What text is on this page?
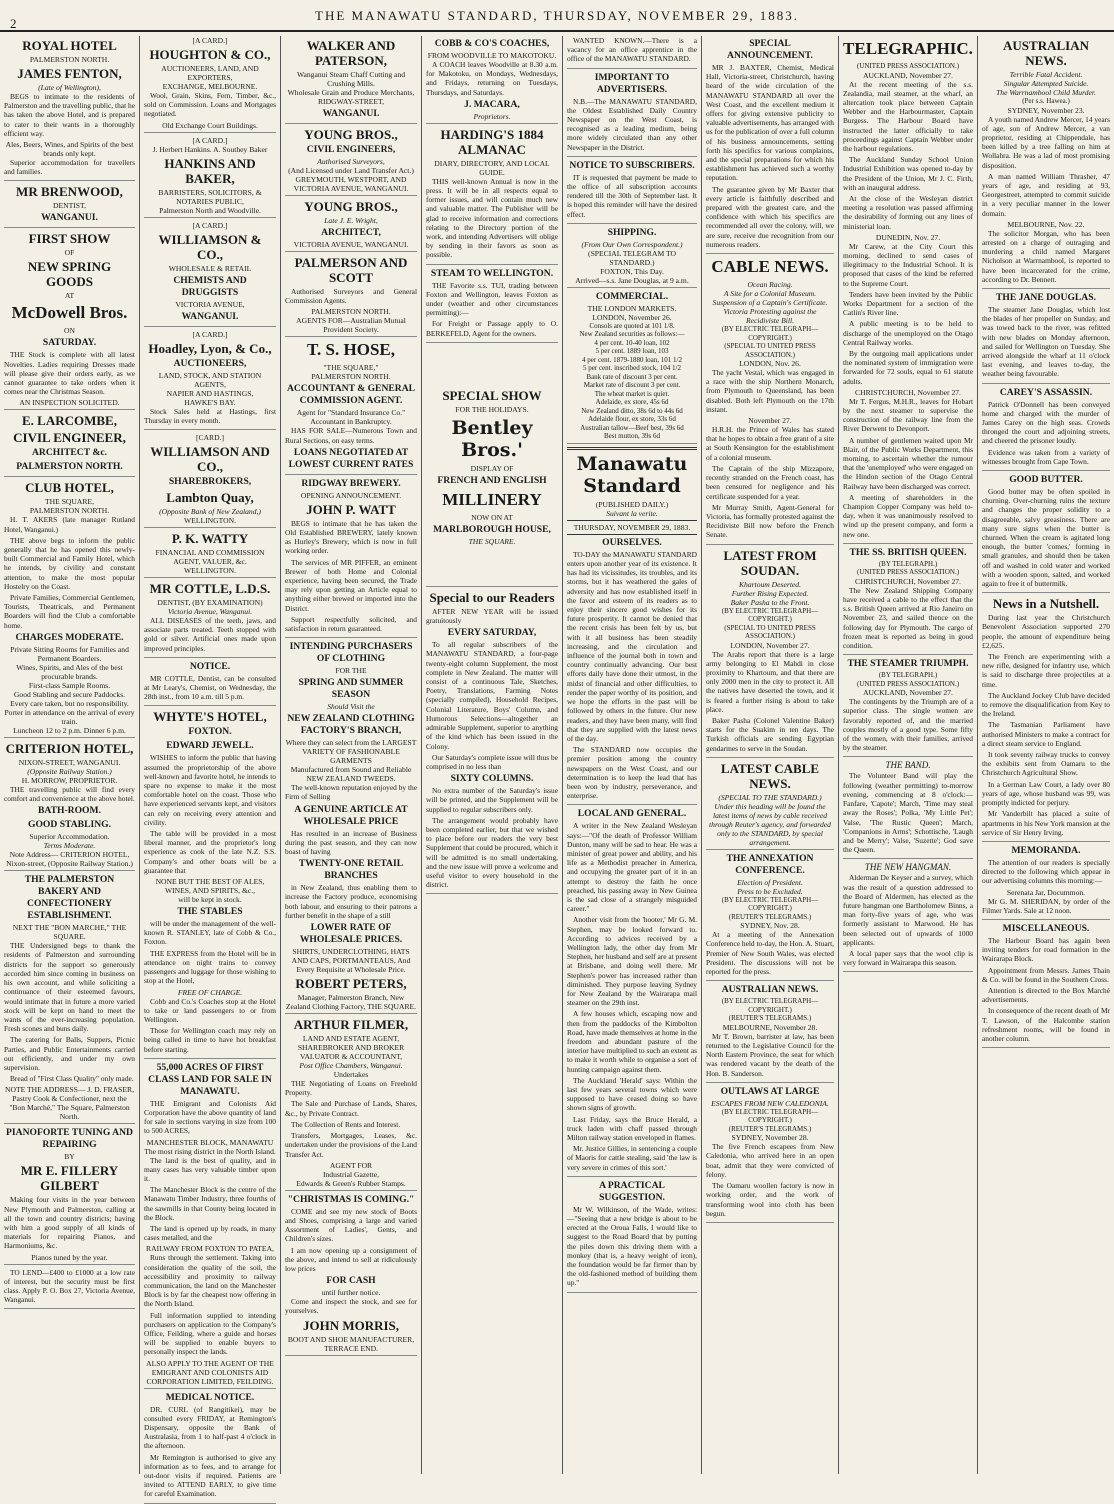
2
THE MANAWATU STANDARD, THURSDAY, NOVEMBER 29, 1883.
ROYAL HOTEL
PALMERSTON NORTH.
JAMES FENTON,
(Late of Wellington),
BEGS to intimate to the residents of Palmerston and the travelling public, that he has taken the above Hotel, and is prepared to cater to their wants in a thoroughly efficient way.
Ales, Beers, Wines, and Spirits of the best brands only kept.
Superior accommodation for travellers and families.
MR BRENWOOD,
DENTIST,
WANGANUI.
FIRST SHOW
OF
NEW SPRING GOODS
AT
McDowell Bros.
ON
SATURDAY.
THE Stock is complete with all latest Novelties. Ladies requiring Dresses made will please give their orders early, as we cannot guarantee to take orders when it comes near the Christmas Season.
AN INSPECTION SOLICITED.
E. LARCOMBE,
CIVIL ENGINEER,
ARCHITECT &c.
PALMERSTON NORTH.
CLUB HOTEL,
THE SQUARE,
PALMERSTON NORTH.
H. T. AKERS (late manager Rutland Hotel, Wanganui.)
THE above begs to inform the public generally that he has opened this newly-built Commercial and Family Hotel, which he intends, by civility and constant attention, to make the most popular Hostelry on the Coast.
Private Families, Commercial Gentlemen, Tourists, Theatricals, and Permanent Boarders will find the Club a comfortable home.
CHARGES MODERATE.
Private Sitting Rooms for Families and Permanent Boarders.
Wines, Spirits, and Ales of the best procurable brands.
First-class Sample Rooms.
Good Stabling and secure Paddocks. Every care taken, but no responsibility.
Porter in attendance on the arrival of every train.
Luncheon 12 to 2 p.m. Dinner 6 p.m.
CRITERION HOTEL,
NIXON-STREET, WANGANUI.
(Opposite Railway Station.)
H. MORROW, PROPRIETOR.
THE travelling public will find every comfort and convenience at the above hotel.
BATH-ROOM.
GOOD STABLING.
Superior Accommodation.
Terms Moderate.
Note Address— CRITERION HOTEL, Nixon-street, (Opposite Railway Station.)
THE PALMERSTON BAKERY AND CONFECTIONERY ESTABLISHMENT.
NEXT THE "BON MARCHE," THE SQUARE.
THE Undersigned begs to thank the residents of Palmerston and surrounding districts for the support so generously accorded him since coming in business on his own account, and while soliciting a continuance of their esteemed favours, would intimate that in future a more varied stock will be kept on hand to meet the wants of the ever-increasing population. Fresh scones and buns daily.
The catering for Balls, Suppers, Picnic Parties, and Public Entertainments carried out efficiently, and under my own supervision.
Bread of "First Class Quality" only made.
NOTE THE ADDRESS— J. D. FRASER,
Pastry Cook & Confectioner, next the "Bon Marché," The Square, Palmerston North.
PIANOFORTE TUNING AND REPAIRING
BY
MR E. FILLERY GILBERT
Making four visits in the year between New Plymouth and Palmerston, calling at all the town and country districts; having with him a good supply of all kinds of materials for repairing Pianos, and Harmoniums, &c.
Pianos tuned by the year.
TO LEND—£400 to £1000 at a low rate of interest, but the security must be first class. Apply P. O. Box 27, Victoria Avenue, Wanganui.
[A CARD.]
HOUGHTON & CO.,
AUCTIONEERS, LAND, AND EXPORTERS,
EXCHANGE, MELBOURNE.
Wool, Grain, Skins, Fern, Timber, &c., sold on Commission. Loans and Mortgages negotiated.
Old Exchange Court Buildings.
[A CARD.]
J. Herbert Hankins. A. Southey Baker
HANKINS AND BAKER,
BARRISTERS, SOLICITORS, & NOTARIES PUBLIC,
Palmerston North and Woodville.
[A CARD.]
WILLIAMSON & CO.,
WHOLESALE & RETAIL
CHEMISTS AND DRUGGISTS
VICTORIA AVENUE,
WANGANUI.
[A CARD.]
Hoadley, Lyon, & Co.,
AUCTIONEERS,
LAND, STOCK, AND STATION AGENTS,
NAPIER AND HASTINGS,
HAWKE'S BAY.
Stock Sales held at Hastings, first Thursday in every month.
[CARD.]
WILLIAMSON AND CO.,
SHAREBROKERS,
Lambton Quay,
(Opposite Bank of New Zealand,)
WELLINGTON.
P. K. WATTY
FINANCIAL AND COMMISSION AGENT, VALUER, &c.
WELLINGTON.
MR COTTLE, L.D.S.
DENTIST, (BY EXAMINATION)
Victoria Avenue, Wanganui.
ALL DISEASES of the teeth, jaws, and associate parts treated. Teeth stopped with gold or silver. Artificial ones made upon improved principles.
NOTICE.
MR COTTLE, Dentist, can be consulted at Mr Leary's, Chemist, on Wednesday, the 28th inst., from 10 a.m. till 5 p.m.
WHYTE'S HOTEL,
FOXTON.
EDWARD JEWELL.
WISHES to inform the public that having assumed the proprietorship of the above well-known and favorite hotel, he intends to spare no expense to make it the most comfortable hotel on the coast. Those who have experienced servants kept, and visitors can rely on receiving every attention and civility.
The table will be provided in a most liberal manner, and the proprietor's long experience as cook of the late N.Z. S.S. Company's and other boats will be a guarantee that
NONE BUT THE BEST OF ALES, WINES, AND SPIRITS, &c.,
will be kept in stock.
THE STABLES
will be under the management of the well-known R. STANLEY, late of Cobb & Co., Foxton.
THE EXPRESS from the Hotel will be in attendance on night trains to convey passengers and luggage for those wishing to stop at the Hotel,
FREE OF CHARGE.
Cobb and Co.'s Coaches stop at the Hotel to take or land passengers to or from Wellington.
Those for Wellington coach may rely on being called in time to have hot breakfast before starting.
55,000 ACRES OF FIRST CLASS LAND FOR SALE IN MANAWATU.
THE Emigrant and Colonists Aid Corporation have the above quantity of land for sale in sections varying in size from 100 to 500 ACRES,
MANCHESTER BLOCK, MANAWATU
The most rising district in the North Island.
The land is the best of quality, and in many cases has very valuable timber upon it.
The Manchester Block is the centre of the Manawatu Timber Industry, three fourths of the sawmills in that County being located in the Block.
The land is opened up by roads, in many cases metalled, and the
RAILWAY FROM FOXTON TO PATEA,
Runs through the settlement. Taking into consideration the quality of the soil, the accessibility and proximity to railway communication, the land on the Manchester Block is by far the cheapest now offering in the North Island.
Full information supplied to intending purchasers on application to the Company's Office, Feilding, where a guide and horses will be supplied to enable buyers to personally inspect the lands.
ALSO APPLY TO THE AGENT OF THE EMIGRANT AND COLONISTS AID CORPORATION LIMITED, FEILDING.
MEDICAL NOTICE.
DR. CURL (of Rangitikei), may be consulted every FRIDAY, at Remington's Dispensary, opposite the Bank of Australasia, from 1 to half-past 4 o'clock in the afternoon.
Mr Remington is authorised to give any information as to fees, and to arrange for out-door visits if required. Patients are invited to ATTEND EARLY, to give time for careful Examination.
WALKER AND PATERSON,
Wanganui Steam Chaff Cutting and Crushing Mills.
Wholesale Grain and Produce Merchants,
RIDGWAY-STREET,
WANGANUI.
YOUNG BROS.,
CIVIL ENGINEERS,
Authorised Surveyors,
(And Licensed under Land Transfer Act.)
GREYMOUTH, WESTPORT, AND VICTORIA AVENUE, WANGANUI.
YOUNG BROS.,
Late J. E. Wright,
ARCHITECT,
VICTORIA AVENUE, WANGANUI.
PALMERSON AND SCOTT
Authorised Surveyors and General Commission Agents.
PALMERSTON NORTH.
AGENTS FOR—Australian Mutual Provident Society.
T. S. HOSE,
"THE SQUARE,"
PALMERSTON NORTH.
ACCOUNTANT & GENERAL COMMISSION AGENT.
Agent for "Standard Insurance Co."
Accountant in Bankruptcy.
HAS FOR SALE—Numerous Town and Rural Sections, on easy terms.
LOANS NEGOTIATED AT LOWEST CURRENT RATES
RIDGWAY BREWERY.
OPENING ANNOUNCEMENT.
JOHN P. WATT
BEGS to intimate that he has taken the Old Established BREWERY, lately known as Hurley's Brewery, which is now in full working order.
The services of MR PIFFER, an eminent Brewer of both Home and Colonial experience, having been secured, the Trade may rely upon getting an Article equal to anything either brewed or imported into the District.
Support respectfully solicited, and satisfaction in return guaranteed.
INTENDING PURCHASERS OF CLOTHING
FOR THE
SPRING AND SUMMER SEASON
Should Visit the
NEW ZEALAND CLOTHING FACTORY'S BRANCH,
Where they can select from the LARGEST VARIETY OF FASHIONABLE GARMENTS
Manufactured from Sound and Reliable NEW ZEALAND TWEEDS.
The well-known reputation enjoyed by the Firm of Selling
A GENUINE ARTICLE AT WHOLESALE PRICE
Has resulted in an increase of Business during the past season, and they can now boast of having
TWENTY-ONE RETAIL BRANCHES
in New Zealand, thus enabling them to increase the Factory produce, economising both labour, and ensuring to their patrons a further benefit in the shape of a still
LOWER RATE OF WHOLESALE PRICES.
SHIRTS, UNDERCLOTHING, HATS AND CAPS, PORTMANTEAUS, And Every Requisite at Wholesale Price.
ROBERT PETERS,
Manager, Palmerston Branch, New Zealand Clothing Factory, THE SQUARE.
ARTHUR FILMER,
LAND AND ESTATE AGENT,
SHAREBROKER AND BROKER
VALUATOR & ACCOUNTANT,
Post Office Chambers, Wanganui.
Undertakes
THE Negotiating of Loans on Freehold Property.
The Sale and Purchase of Lands, Shares, &c., by Private Contract.
The Collection of Rents and Interest.
Transfers, Mortgages, Leases, &c. undertaken under the provisions of the Land Transfer Act.
AGENT FOR
Industrial Gazette,
Edwards & Green's Rubber Stamps.
"CHRISTMAS IS COMING."
COME and see my new stock of Boots and Shoes, comprising a large and varied Assortment of Ladies', Gents, and Children's sizes.
I am now opening up a consignment of the above, and intend to sell at ridiculously low prices
FOR CASH
until further notice.
Come and inspect the stock, and see for yourselves.
JOHN MORRIS,
BOOT AND SHOE MANUFACTURER, TERRACE END.
COBB & CO'S COACHES,
FROM WOODVILLE TO MAKOTOKU.
A COACH leaves Woodville at 8.30 a.m. for Makotoku, on Mondays, Wednesdays, and Fridays, returning on Tuesdays, Thursdays, and Saturdays.
J. MACARA,
Proprietors.
HARDING'S 1884 ALMANAC
DIARY, DIRECTORY, AND LOCAL GUIDE.
THIS well-known Annual is now in the press. It will be in all respects equal to former issues, and will contain much new and valuable matter. The Publisher will be glad to receive information and corrections relating to the Directory portion of the work, and intending Advertisers will oblige by sending in their favors as soon as possible.
STEAM TO WELLINGTON.
THE Favorite s.s. TUI, trading between Foxton and Wellington, leaves Foxton as under (weather and other circumstances permitting):—
For Freight or Passage apply to O. BERKEFELD, Agent for the owners.
SPECIAL SHOW
FOR THE HOLIDAYS.
Bentley Bros.'
DISPLAY OF
FRENCH AND ENGLISH
MILLINERY
NOW ON AT
MARLBOROUGH HOUSE,
THE SQUARE.
Special to our Readers
AFTER NEW YEAR will be issued gratuitously
EVERY SATURDAY,
To all regular subscribers of the MANAWATU STANDARD, a four-page twenty-eight column Supplement, the most complete in New Zealand. The matter will consist of a continuous Tale, Sketches, Poetry, Translations, Farming Notes (specially compiled), Household Recipes, Colonial Literature, Boys' Column, and Humorous Selections—altogether an admirable Supplement, superior to anything of the kind which has been issued in the Colony.
Our Saturday's complete issue will thus be comprised in no less than
SIXTY COLUMNS.
No extra number of the Saturday's issue will be printed, and the Supplement will be supplied to regular subscribers only.
The arrangement would probably have been completed earlier, but that we wished to place before our readers the very best Supplement that could be procured, which it will be admitted is no small undertaking, and the new issue will prove a welcome and useful visitor to every household in the district.
WANTED KNOWN.—There is a vacancy for an office apprentice in the office of the MANAWATU STANDARD.
IMPORTANT TO ADVERTISERS.
N.B.—The MANAWATU STANDARD, the Oldest Established Daily Country Newspaper on the West Coast, is recognised as a leading medium, being more widely circulated than any other Newspaper in the District.
NOTICE TO SUBSCRIBERS.
IT is requested that payment be made to the office of all subscription accounts rendered till the 30th of September last. It is hoped this reminder will have the desired effect.
SHIPPING.
(From Our Own Correspondent.)
(SPECIAL TELEGRAM TO STANDARD.)
FOXTON, This Day.
Arrived—s.s. Jane Douglas, at 9 a.m.
COMMERCIAL.
THE LONDON MARKETS.
LONDON, November 26.
Consols are quoted at 101 1/8.
New Zealand securities as follows:—
4 per cent. 10-40 loan, 102
5 per cent. 1889 loan, 103
4 per cent. 1879-1880 loan, 101 1/2
5 per cent. inscribed stock, 104 1/2
Bank rate of discount 3 per cent.
Market rate of discount 3 per cent.
The wheat market is quiet.
Adelaide, ex store, 45s 6d
New Zealand ditto, 38s 6d to 44s 6d
Adelaide flour, ex store, 33s 6d
Australian tallow—Beef best, 39s 6d
Best mutton, 39s 6d
Manawatu Standard
(PUBLISHED DAILY.)
Suivant la verite.
THURSDAY, NOVEMBER 29, 1883.
OURSELVES.
TO-DAY the MANAWATU STANDARD enters upon another year of its existence. It has had its vicissitudes, its troubles, and its storms, but it has weathered the gales of adversity and has now established itself in the favor and esteem of its readers as to enjoy their sincere good wishes for its future prosperity. It cannot be denied that the recent crisis has been felt by us, but with it all business has been steadily increasing, and the circulation and influence of the journal both in town and country continually advancing. Our best efforts daily have done their utmost, in the midst of financial and other difficulties, to render the paper worthy of its position, and we hope the efforts in the past will be followed by others in the future. Our new readers, and they have been many, will find that they are supplied with the latest news of the day.
The STANDARD now occupies the premier position among the country newspapers on the West Coast, and our determination is to keep the lead that has been won by industry, perseverance, and enterprise.
LOCAL AND GENERAL.
A writer in the New Zealand Wesleyan says:—"Of the death of Professor William Dunton, many will be sad to hear. He was a minister of great power and ability, and his life as a Methodist preacher in America, and occupying the greater part of it in an attempt to destroy the faith he once preached, his passing away in New Guinea is the sad close of a strangely misguided career."
Another visit from the 'hooter,' Mr G. M. Stephen, may be looked forward to. According to advices received by a Wellington lady, the other day from Mr Stephen, her husband and self are at present at Brisbane, and doing well there. Mr Stephen's power has increased rather than diminished. They purpose leaving Sydney for New Zealand by the Wairarapa mail steamer on the 29th inst.
A few houses which, escaping now and then from the paddocks of the Kimbolton Road, have made themselves at home in the freedom and abundant pasture of the interior have multiplied to such an extent as to make it worth while to organise a sort of hunting campaign against them.
The Auckland 'Herald' says: Within the last few years several towns which were supposed to have ceased doing so have shown signs of growth.
Last Friday, says the Bruce Herald, a truck laden with chaff passed through Milton railway station enveloped in flames.
Mr. Justice Gillies, in sentencing a couple of Maoris for cattle stealing, said 'the law is very severe in crimes of this sort.'
A PRACTICAL SUGGESTION.
Mr W. Wilkinson, of the Wade, writes:—"Seeing that a new bridge is about to be erected at the Oroua Falls, I would like to suggest to the Road Board that by putting the piles down this driving them with a monkey (that is, a heavy weight of iron), the foundation would be far firmer than by the old-fashioned method of building them up."
SPECIAL ANNOUNCEMENT.
MR J. BAXTER, Chemist, Medical Hall, Victoria-street, Christchurch, having heard of the wide circulation of the MANAWATU STANDARD all over the West Coast, and the excellent medium it offers for giving extensive publicity to valuable advertisements, has arranged with us for the publication of over a full column of his business announcements, setting forth his specifics for various complaints, and the special preparations for which his establishment has achieved such a worthy reputation.
The guarantee given by Mr Baxter that every article is faithfully described and prepared with the greatest care, and the confidence with which his specifics are recommended all over the colony, will, we are sure, receive due recognition from our numerous readers.
CABLE NEWS.
Ocean Racing.
A Site for a Colonial Museum.
Suspension of a Captain's Certificate.
Victoria Protesting against the Recidiviste Bill.
(BY ELECTRIC TELEGRAPH—COPYRIGHT.)
(SPECIAL TO UNITED PRESS ASSOCIATION.)
LONDON, Nov. 26.
The yacht Vestal, which was engaged in a race with the ship Northern Monarch, from Plymouth to Queensland, has been disabled. Both left Plymouth on the 17th instant.
November 27.
H.R.H. the Prince of Wales has stated that he hopes to obtain a free grant of a site at South Kensington for the establishment of a colonial museum.
The Captain of the ship Mizzapore, recently stranded on the French coast, has been censured for negligence and his certificate suspended for a year.
Mr Murray Smith, Agent-General for Victoria, has formally protested against the Recidiviste Bill now before the French Senate.
LATEST FROM SOUDAN.
Khartoum Deserted.
Further Rising Expected.
Baker Pasha to the Front.
(BY ELECTRIC TELEGRAPH—COPYRIGHT.)
(SPECIAL TO UNITED PRESS ASSOCIATION.)
LONDON, November 27.
The Arabs report that there is a large army belonging to El Mahdi in close proximity to Khartoum, and that there are only 2000 men in the city to protect it. All the natives have deserted the town, and it is feared a further rising is about to take place.
Baker Pasha (Colonel Valentine Baker) starts for the Suakim in ten days. The Turkish officials are sending Egyptian gendarmes to serve in the Soudan.
LATEST CABLE NEWS.
(SPECIAL TO THE STANDARD.)
Under this heading will be found the latest items of news by cable received through Reuter's agency, and forwarded only to the STANDARD, by special arrangement.
THE ANNEXATION CONFERENCE.
Election of President.
Press to be Excluded.
(BY ELECTRIC TELEGRAPH—COPYRIGHT.)
(REUTER'S TELEGRAMS.)
SYDNEY, Nov. 28.
At a meeting of the Annexation Conference held to-day, the Hon. A. Stuart, Premier of New South Wales, was elected President. The discussions will not be reported for the press.
AUSTRALIAN NEWS.
(BY ELECTRIC TELEGRAPH—COPYRIGHT.)
(REUTER'S TELEGRAMS.)
MELBOURNE, November 28.
Mr T. Brown, barrister at law, has been returned to the Legislative Council for the North Eastern Province, the seat for which was rendered vacant by the death of the Hon. B. Sanderson.
OUTLAWS AT LARGE
ESCAPES FROM NEW CALEDONIA.
(BY ELECTRIC TELEGRAPH—COPYRIGHT.)
(REUTER'S TELEGRAMS.)
SYDNEY, November 28.
The five French escapees from New Caledonia, who arrived here in an open boat, admit that they were convicted of felony.
The Oamaru woollen factory is now in working order, and the work of transforming wool into cloth has been begun.
TELEGRAPHIC.
(UNITED PRESS ASSOCIATION.)
AUCKLAND, November 27.
At the recent meeting of the s.s. Zealandia, mail steamer, at the wharf, an altercation took place between Captain Webber and the Harbourmaster, Captain Burgess. The Harbour Board have instructed the latter officially to take proceedings against Captain Webber under the harbour regulations.
The Auckland Sunday School Union Industrial Exhibition was opened to-day by the President of the Union, Mr J. C. Firth, with an inaugural address.
At the close of the Wesleyan district meeting a resolution was passed affirming the desirability of forming out any lines of ministerial loan.
DUNEDIN, Nov. 27.
Mr Carew, at the City Court this morning, declined to send cases of illegitimacy to the Industrial School. It is proposed that cases of the kind be referred to the Supreme Court.
Tenders have been invited by the Public Works Department for a section of the Catlin's River line.
A public meeting is to be held to discharge of the unemployed on the Otago Central Railway works.
By the outgoing mail applications under the nominated system of immigration were forwarded for 72 souls, equal to 61 statute adults.
CHRISTCHURCH, November 27.
Mr T. Fergus, M.H.R., leaves for Hobart by the next steamer to supervise the construction of the railway line from the River Derwent to Devonport.
A number of gentlemen waited upon Mr Blair, of the Public Works Department, this morning, to ascertain whether the rumour that the 'unemployed' who were engaged on the Hindon section of the Otago Central Railway have been discharged was correct.
A meeting of shareholders in the Champion Copper Company was held to-day, when it was unanimously resolved to wind up the present company, and form a new one.
THE SS. BRITISH QUEEN.
(BY TELEGRAPH.)
(UNITED PRESS ASSOCIATION.)
CHRISTCHURCH, November 27.
The New Zealand Shipping Company have received a cable to the effect that the s.s. British Queen arrived at Rio Janeiro on November 23, and sailed thence on the following day for Plymouth. The cargo of frozen meat is reported as being in good condition.
THE STEAMER TRIUMPH.
(BY TELEGRAPH.)
(UNITED PRESS ASSOCIATION.)
AUCKLAND, November 27.
The contingents by the Triumph are of a superior class. The single women are favorably reported of, and the married couples mostly of a good type. Some fifty of the women, with their families, arrived by the steamer.
THE BAND.
The Volunteer Band will play the following (weather permitting) to-morrow evening, commencing at 8 o'clock:— Fanfare, 'Capote'; March, 'Time may steal away the Roses'; Polka, 'My Little Pet'; Valse, 'The Rustic Queen'; March, 'Companions in Arms'; Schottische, 'Laugh and be Merry'; Valse, 'Suzette'; God save the Queen.
THE NEW HANGMAN.
Alderman De Keyser and a survey, which was the result of a question addressed to the Board of Aldermen, has elected as the future hangman one Bartholomew Binns, a man forty-five years of age, who was formerly assistant to Marwood. He has been selected out of upwards of 1000 applicants.
A local paper says that the wool clip is very forward in Wairarapa this season.
AUSTRALIAN NEWS.
Terrible Fatal Accident.
Singular Attempted Suicide.
The Warrnambool Child Murder.
(Per s.s. Hawea.)
SYDNEY, November 23.
A youth named Andrew Mercer, 14 years of age, son of Andrew Mercer, a van proprietor, residing at Chippendale, has been killed by a tree falling on him at Wollahra. He was a lad of most promising disposition.
A man named William Thrasher, 47 years of age, and residing at 93, Georgestreet, attempted to commit suicide in a very peculiar manner in the lower domain.
MELBOURNE, Nov. 22.
The solicitor Morgan, who has been arrested on a charge of outraging and murdering a child named Margaret Nicholson at Warrnambool, is reported to have been incarcerated for the crime, according to Dr. Bennett.
THE JANE DOUGLAS.
The steamer Jane Douglas, which lost the blades of her propeller on Sunday, and was towed back to the river, was refitted with new blades on Monday afternoon, and sailed for Wellington on Tuesday. She arrived alongside the wharf at 11 o'clock last evening, and leaves to-day, the weather being favourable.
CAREY'S ASSASSIN.
Patrick O'Donnell has been conveyed home and charged with the murder of James Carey on the high seas. Crowds thronged the court and adjoining streets, and cheered the prisoner loudly.
Evidence was taken from a variety of witnesses brought from Cape Town.
GOOD BUTTER.
Good butter may be often spoiled in churning. Over-churning ruins the texture and changes the proper solidity to a disagreeable, salvy greasiness. There are many sure signs when the butter is churned. When the cream is agitated long enough, the butter 'comes,' forming in small granules, and should then be taken off and washed in cold water and worked with a wooden spoon, salted, and worked again to free it of buttermilk.
News in a Nutshell.
During last year the Christchurch Benevolent Association supported 270 people, the amount of expenditure being £2,625.
The French are experimenting with a new rifle, designed for infantry use, which is said to discharge three projectiles at a time.
The Auckland Jockey Club have decided to remove the disqualification from Key to the Ireland.
The Tasmanian Parliament have authorised Ministers to make a contract for a direct steam service to England.
It took seventy railway trucks to convey the exhibits sent from Oamaru to the Christchurch Agricultural Show.
In a German Law Court, a lady over 80 years of age, whose husband was 99, was promptly indicted for perjury.
Mr Vanderbilt has placed a suite of apartments in his New York mansion at the service of Sir Henry Irving.
MEMORANDA.
The attention of our readers is specially directed to the following which appear in our advertising columns this morning:—
Serenata Jar, Docummon.
Mr G. M. SHERIDAN, by order of the Filmer Yards. Sale at 12 noon.
MISCELLANEOUS.
The Harbour Board has again been inviting tenders for road formation in the Wairarapa Block.
Appointment from Messrs. James Thain & Co. will be found in the Southern Cross.
Attention is directed to the Box Marché advertisements.
In consequence of the recent death of Mr T. Lawson, of the Halcombe station refreshment rooms, will be found in another column.
